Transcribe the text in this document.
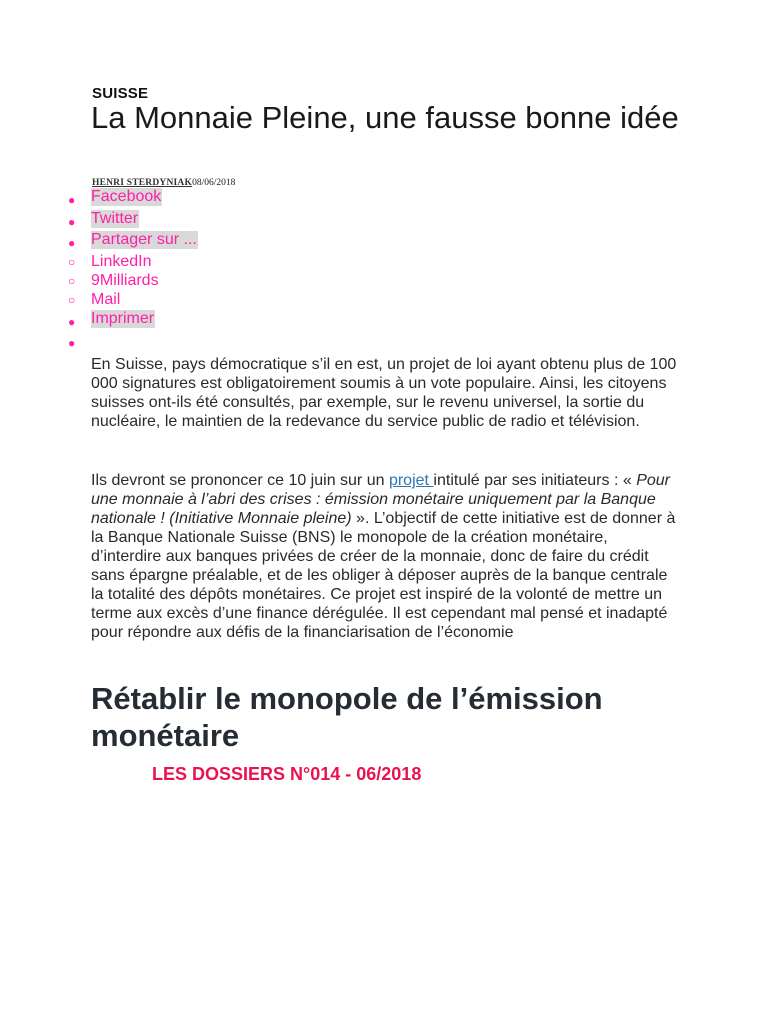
SUISSE
La Monnaie Pleine, une fausse bonne idée
HENRI STERDYNIAK08/06/2018
● Facebook
● Twitter
● Partager sur ...
○ LinkedIn
○ 9Milliards
○ Mail
● Imprimer
●

En Suisse, pays démocratique s’il en est, un projet de loi ayant obtenu plus de 100 000 signatures est obligatoirement soumis à un vote populaire. Ainsi, les citoyens suisses ont-ils été consultés, par exemple, sur le revenu universel, la sortie du nucléaire, le maintien de la redevance du service public de radio et télévision.

Ils devront se prononcer ce 10 juin sur un projet intitulé par ses initiateurs : « Pour une monnaie à l’abri des crises : émission monétaire uniquement par la Banque nationale ! (Initiative Monnaie pleine) ». L’objectif de cette initiative est de donner à la Banque Nationale Suisse (BNS) le monopole de la création monétaire, d’interdire aux banques privées de créer de la monnaie, donc de faire du crédit sans épargne préalable, et de les obliger à déposer auprès de la banque centrale la totalité des dépôts monétaires. Ce projet est inspiré de la volonté de mettre un terme aux excès d’une finance dérégulée. Il est cependant mal pensé et inadapté pour répondre aux défis de la financiarisation de l’économie

Rétablir le monopole de l’émission monétaire
LES DOSSIERS N°014 - 06/2018
